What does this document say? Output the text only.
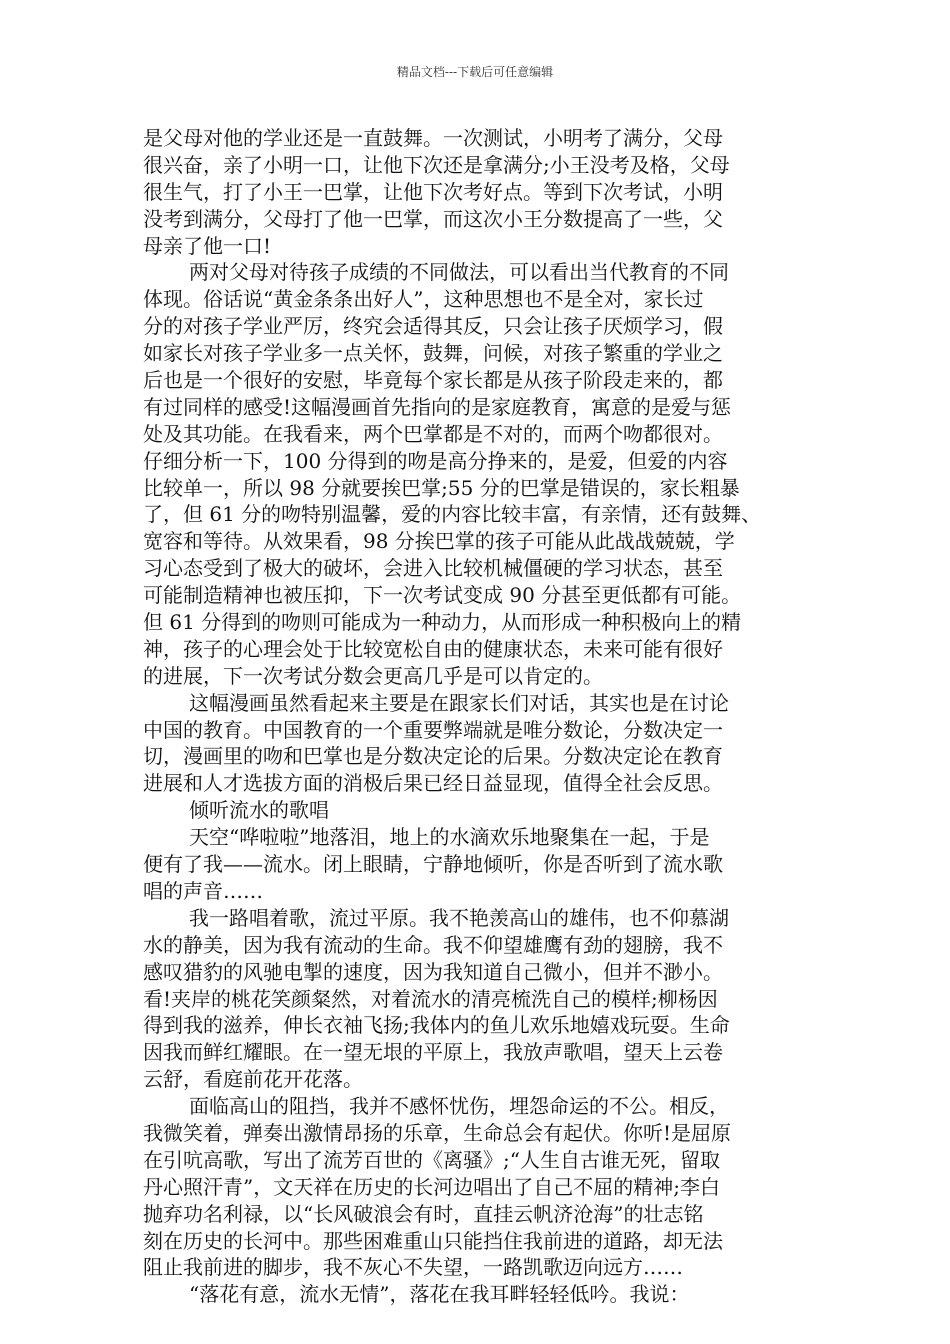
精品文档---下载后可任意编辑
是父母对他的学业还是一直鼓舞。一次测试，小明考了满分，父母
很兴奋，亲了小明一口，让他下次还是拿满分;小王没考及格，父母
很生气，打了小王一巴掌，让他下次考好点。等到下次考试，小明
没考到满分，父母打了他一巴掌，而这次小王分数提高了一些，父
母亲了他一口!
两对父母对待孩子成绩的不同做法，可以看出当代教育的不同
体现。俗话说“黄金条条出好人”，这种思想也不是全对，家长过
分的对孩子学业严厉，终究会适得其反，只会让孩子厌烦学习，假
如家长对孩子学业多一点关怀，鼓舞，问候，对孩子繁重的学业之
后也是一个很好的安慰，毕竟每个家长都是从孩子阶段走来的，都
有过同样的感受!这幅漫画首先指向的是家庭教育，寓意的是爱与惩
处及其功能。在我看来，两个巴掌都是不对的，而两个吻都很对。
仔细分析一下，100 分得到的吻是高分挣来的，是爱，但爱的内容
比较单一，所以 98 分就要挨巴掌;55 分的巴掌是错误的，家长粗暴
了，但 61 分的吻特别温馨，爱的内容比较丰富，有亲情，还有鼓舞、
宽容和等待。从效果看，98 分挨巴掌的孩子可能从此战战兢兢，学
习心态受到了极大的破坏，会进入比较机械僵硬的学习状态，甚至
可能制造精神也被压抑，下一次考试变成 90 分甚至更低都有可能。
但 61 分得到的吻则可能成为一种动力，从而形成一种积极向上的精
神，孩子的心理会处于比较宽松自由的健康状态，未来可能有很好
的进展，下一次考试分数会更高几乎是可以肯定的。
这幅漫画虽然看起来主要是在跟家长们对话，其实也是在讨论
中国的教育。中国教育的一个重要弊端就是唯分数论，分数决定一
切，漫画里的吻和巴掌也是分数决定论的后果。分数决定论在教育
进展和人才选拔方面的消极后果已经日益显现，值得全社会反思。
倾听流水的歌唱
天空“哗啦啦”地落泪，地上的水滴欢乐地聚集在一起，于是
便有了我——流水。闭上眼睛，宁静地倾听，你是否听到了流水歌
唱的声音……
我一路唱着歌，流过平原。我不艳羡高山的雄伟，也不仰慕湖
水的静美，因为我有流动的生命。我不仰望雄鹰有劲的翅膀，我不
感叹猎豹的风驰电掣的速度，因为我知道自己微小，但并不渺小。
看!夹岸的桃花笑颜粲然，对着流水的清亮梳洗自己的模样;柳杨因
得到我的滋养，伸长衣袖飞扬;我体内的鱼儿欢乐地嬉戏玩耍。生命
因我而鲜红耀眼。在一望无垠的平原上，我放声歌唱，望天上云卷
云舒，看庭前花开花落。
面临高山的阻挡，我并不感怀忧伤，埋怨命运的不公。相反，
我微笑着，弹奏出激情昂扬的乐章，生命总会有起伏。你听!是屈原
在引吭高歌，写出了流芳百世的《离骚》;“人生自古谁无死，留取
丹心照汗青”，文天祥在历史的长河边唱出了自己不屈的精神;李白
抛弃功名利禄，以“长风破浪会有时，直挂云帆济沧海”的壮志铭
刻在历史的长河中。那些困难重山只能挡住我前进的道路，却无法
阻止我前进的脚步，我不灰心不失望，一路凯歌迈向远方……
“落花有意，流水无情”，落花在我耳畔轻轻低吟。我说：
